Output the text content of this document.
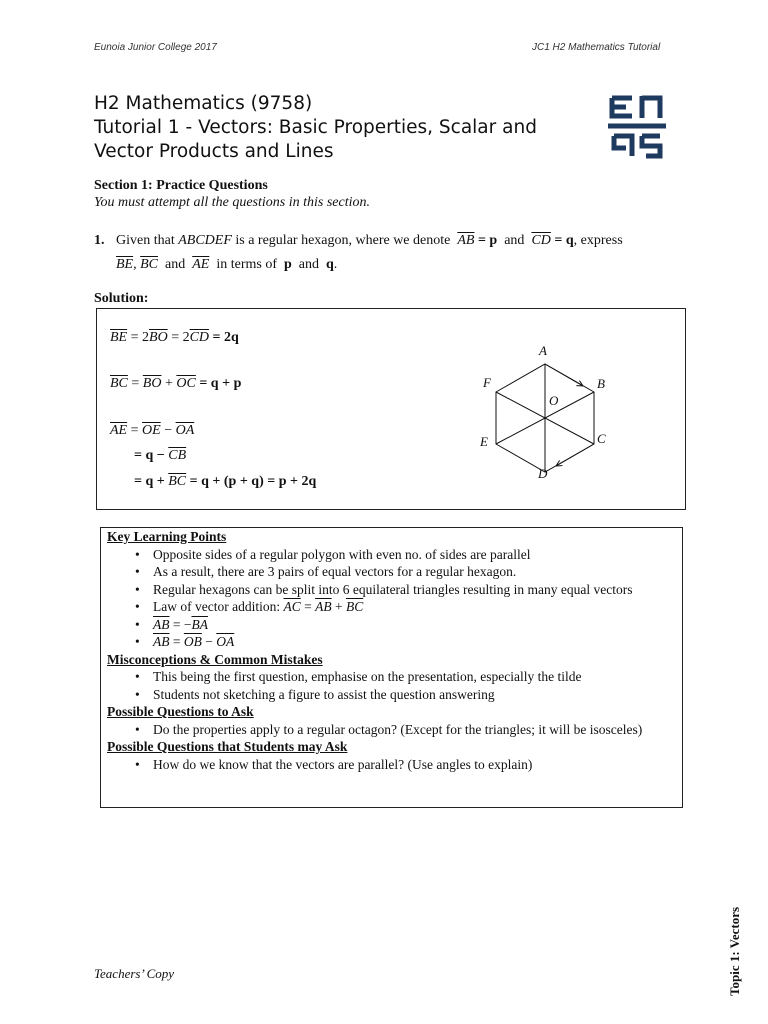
Eunoia Junior College 2017	JC1 H2 Mathematics Tutorial
H2 Mathematics (9758)
Tutorial 1 - Vectors: Basic Properties, Scalar and
Vector Products and Lines
Section 1: Practice Questions
You must attempt all the questions in this section.
1. Given that ABCDEF is a regular hexagon, where we denote $\overline{AB} = p$ and $\overline{CD} = q$, express
$\overline{BE}$, $\overline{BC}$ and $\overline{AE}$ in terms of p and q.
Solution:
$\overline{BE} = 2\overline{BO} = 2\overline{CD} = 2q$
$\overline{BC} = \overline{BO} + \overline{OC} = q + p$
$\overline{AE} = \overline{OE} - \overline{OA}$
= $q - \overline{CB}$
= $q + \overline{BC} = q + (p + q) = p + 2q$
A
B
C
D
E
F
O
Key Learning Points
• Opposite sides of a regular polygon with even no. of sides are parallel
• As a result, there are 3 pairs of equal vectors for a regular hexagon.
• Regular hexagons can be split into 6 equilateral triangles resulting in many equal vectors
• Law of vector addition: $\overline{AC} = \overline{AB} + \overline{BC}$
• $\overline{AB} = -\overline{BA}$
• $\overline{AB} = \overline{OB} - \overline{OA}$
Misconceptions & Common Mistakes
• This being the first question, emphasise on the presentation, especially the tilde
• Students not sketching a figure to assist the question answering
Possible Questions to Ask
• Do the properties apply to a regular octagon? (Except for the triangles; it will be isosceles)
Possible Questions that Students may Ask
• How do we know that the vectors are parallel? (Use angles to explain)
Teachers’ Copy	Topic 1: Vectors
